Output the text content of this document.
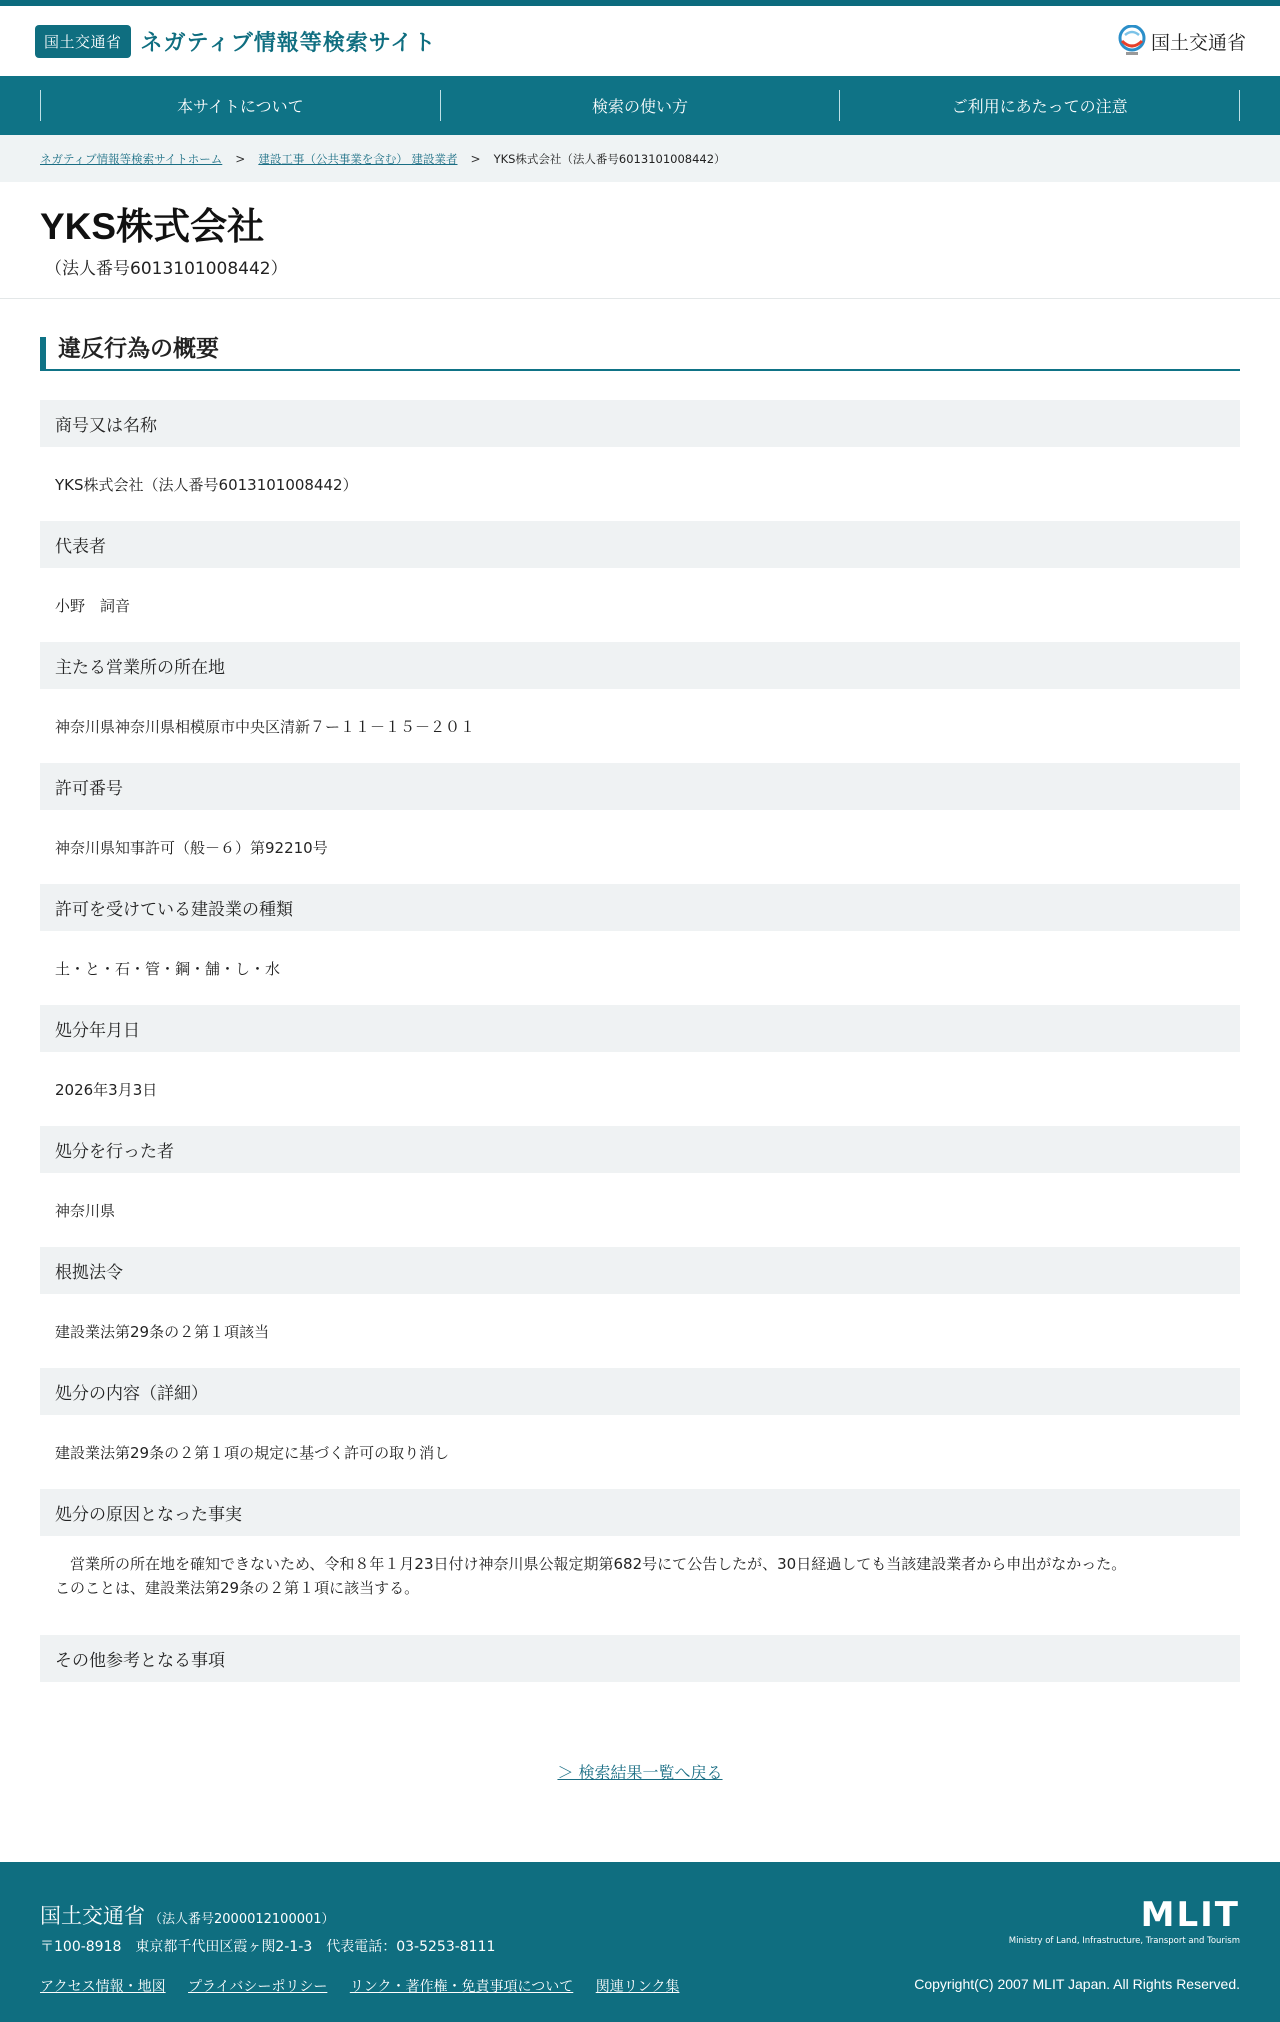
国土交通省 ネガティブ情報等検索サイト	国土交通省
本サイトについて	検索の使い方	ご利用にあたっての注意
ネガティブ情報等検索サイトホーム > 建設工事（公共事業を含む） 建設業者 > YKS株式会社（法人番号6013101008442）
YKS株式会社
（法人番号6013101008442）
違反行為の概要
商号又は名称
YKS株式会社（法人番号6013101008442）
代表者
小野　詞音
主たる営業所の所在地
神奈川県神奈川県相模原市中央区清新７ー１１－１５－２０１
許可番号
神奈川県知事許可（般－６）第92210号
許可を受けている建設業の種類
土・と・石・管・鋼・舗・し・水
処分年月日
2026年3月3日
処分を行った者
神奈川県
根拠法令
建設業法第29条の２第１項該当
処分の内容（詳細）
建設業法第29条の２第１項の規定に基づく許可の取り消し
処分の原因となった事実
　営業所の所在地を確知できないため、令和８年１月23日付け神奈川県公報定期第682号にて公告したが、30日経過しても当該建設業者から申出がなかった。
このことは、建設業法第29条の２第１項に該当する。
その他参考となる事項
＞ 検索結果一覧へ戻る
国土交通省 （法人番号2000012100001）
〒100-8918　東京都千代田区霞ヶ関2-1-3　代表電話：03-5253-8111
アクセス情報・地図 プライバシーポリシー リンク・著作権・免責事項について 関連リンク集
MLIT
Ministry of Land, Infrastructure, Transport and Tourism
Copyright(C) 2007 MLIT Japan. All Rights Reserved.
